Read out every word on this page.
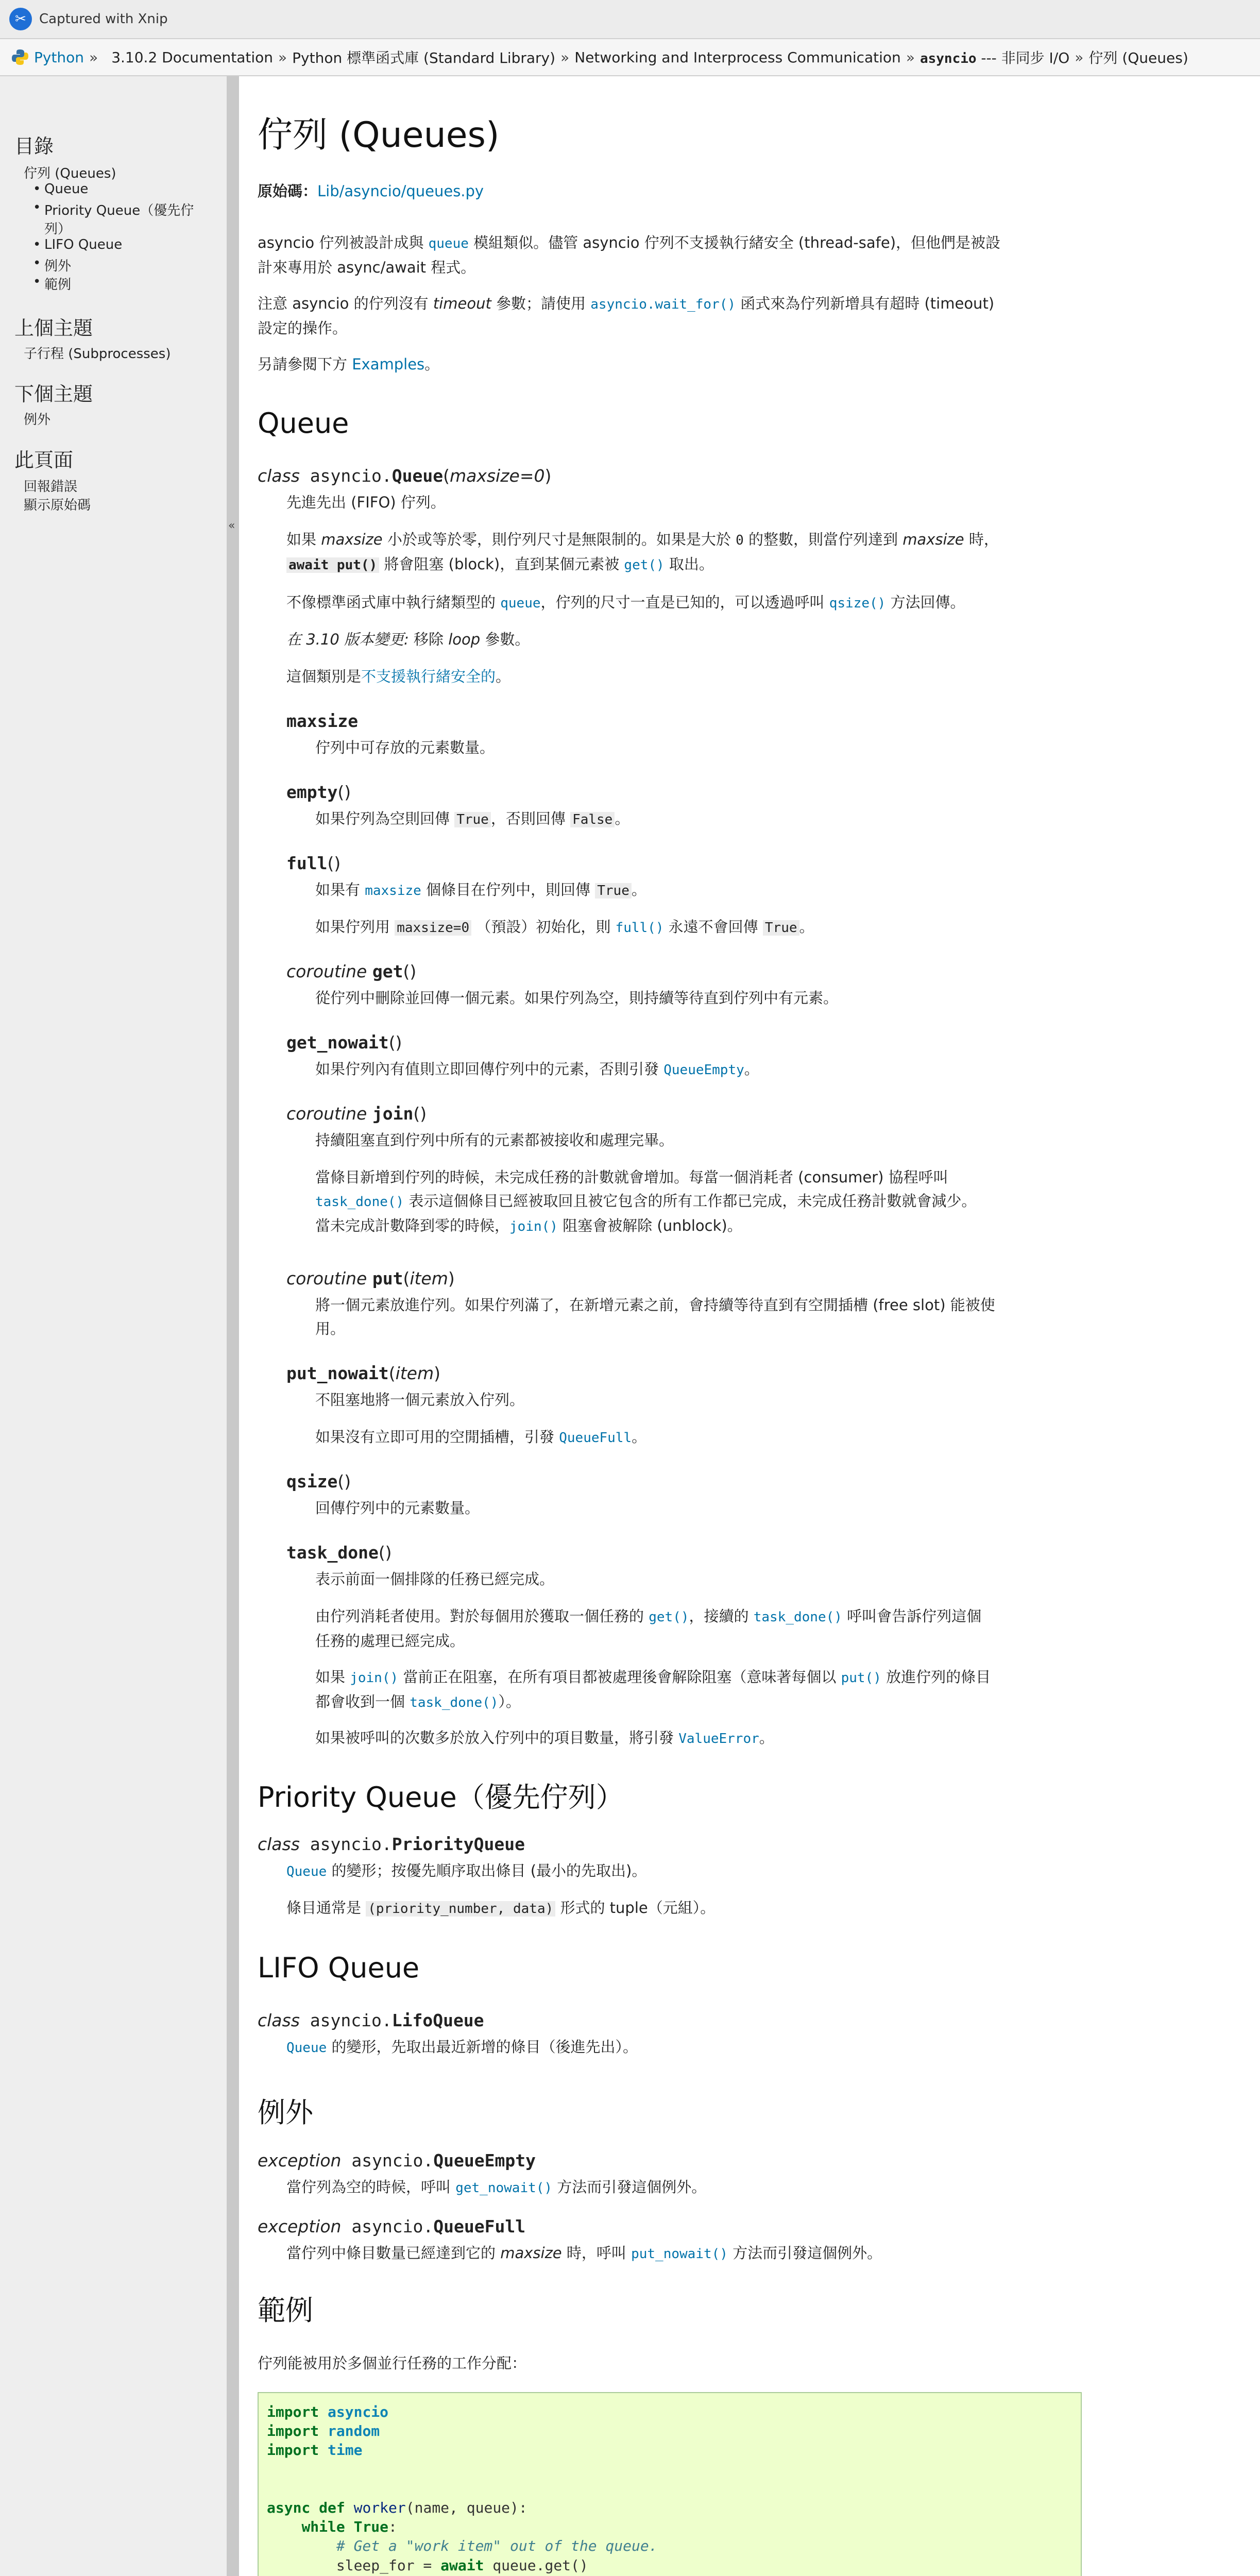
✂ Captured with Xnip
Python » 3.10.2 Documentation » Python 標準函式庫 (Standard Library) » Networking and Interprocess Communication » asyncio --- 非同步 I/O » 佇列 (Queues)
目錄
佇列 (Queues)
• Queue
• Priority Queue（優先佇
列）
• LIFO Queue
• 例外
• 範例
上個主題
子行程 (Subprocesses)
下個主題
例外
此頁面
回報錯誤
顯示原始碼
«
佇列 (Queues)

原始碼：Lib/asyncio/queues.py

asyncio 佇列被設計成與 queue 模組類似。儘管 asyncio 佇列不支援執行緒安全 (thread-safe)，但他們是被設
計來專用於 async/await 程式。

注意 asyncio 的佇列沒有 timeout 參數；請使用 asyncio.wait_for() 函式來為佇列新增具有超時 (timeout)
設定的操作。

另請參閱下方 Examples。

Queue
class asyncio.Queue(maxsize=0)

先進先出 (FIFO) 佇列。

如果 maxsize 小於或等於零，則佇列尺寸是無限制的。如果是大於 0 的整數，則當佇列達到 maxsize 時，
await put() 將會阻塞 (block)，直到某個元素被 get() 取出。

不像標準函式庫中執行緒類型的 queue，佇列的尺寸一直是已知的，可以透過呼叫 qsize() 方法回傳。

在 3.10 版本變更: 移除 loop 參數。

這個類別是不支援執行緒安全的。

maxsize

佇列中可存放的元素數量。

empty()

如果佇列為空則回傳 True ，否則回傳 False 。

full()

如果有 maxsize 個條目在佇列中，則回傳 True 。

如果佇列用 maxsize=0 （預設）初始化，則 full() 永遠不會回傳 True 。

coroutine get()

從佇列中刪除並回傳一個元素。如果佇列為空，則持續等待直到佇列中有元素。

get_nowait()

如果佇列內有值則立即回傳佇列中的元素，否則引發 QueueEmpty。

coroutine join()

持續阻塞直到佇列中所有的元素都被接收和處理完畢。

當條目新增到佇列的時候，未完成任務的計數就會增加。每當一個消耗者 (consumer) 協程呼叫
task_done() 表示這個條目已經被取回且被它包含的所有工作都已完成，未完成任務計數就會減少。
當未完成計數降到零的時候，join() 阻塞會被解除 (unblock)。

coroutine put(item)

將一個元素放進佇列。如果佇列滿了，在新增元素之前，會持續等待直到有空閒插槽 (free slot) 能被使
用。

put_nowait(item)

不阻塞地將一個元素放入佇列。

如果沒有立即可用的空閒插槽，引發 QueueFull。

qsize()

回傳佇列中的元素數量。

task_done()

表示前面一個排隊的任務已經完成。

由佇列消耗者使用。對於每個用於獲取一個任務的 get()，接續的 task_done() 呼叫會告訴佇列這個
任務的處理已經完成。

如果 join() 當前正在阻塞，在所有項目都被處理後會解除阻塞（意味著每個以 put() 放進佇列的條目
都會收到一個 task_done()）。

如果被呼叫的次數多於放入佇列中的項目數量，將引發 ValueError。

Priority Queue（優先佇列）
class asyncio.PriorityQueue

Queue 的變形；按優先順序取出條目 (最小的先取出)。

條目通常是 (priority_number, data) 形式的 tuple（元組）。

LIFO Queue
class asyncio.LifoQueue

Queue 的變形，先取出最近新增的條目（後進先出）。

例外
exception asyncio.QueueEmpty

當佇列為空的時候，呼叫 get_nowait() 方法而引發這個例外。

exception asyncio.QueueFull

當佇列中條目數量已經達到它的 maxsize 時，呼叫 put_nowait() 方法而引發這個例外。

範例

佇列能被用於多個並行任務的工作分配：

import asyncio
import random
import time

async def worker(name, queue):
while True:
# Get a "work item" out of the queue.
sleep_for = await queue.get()
